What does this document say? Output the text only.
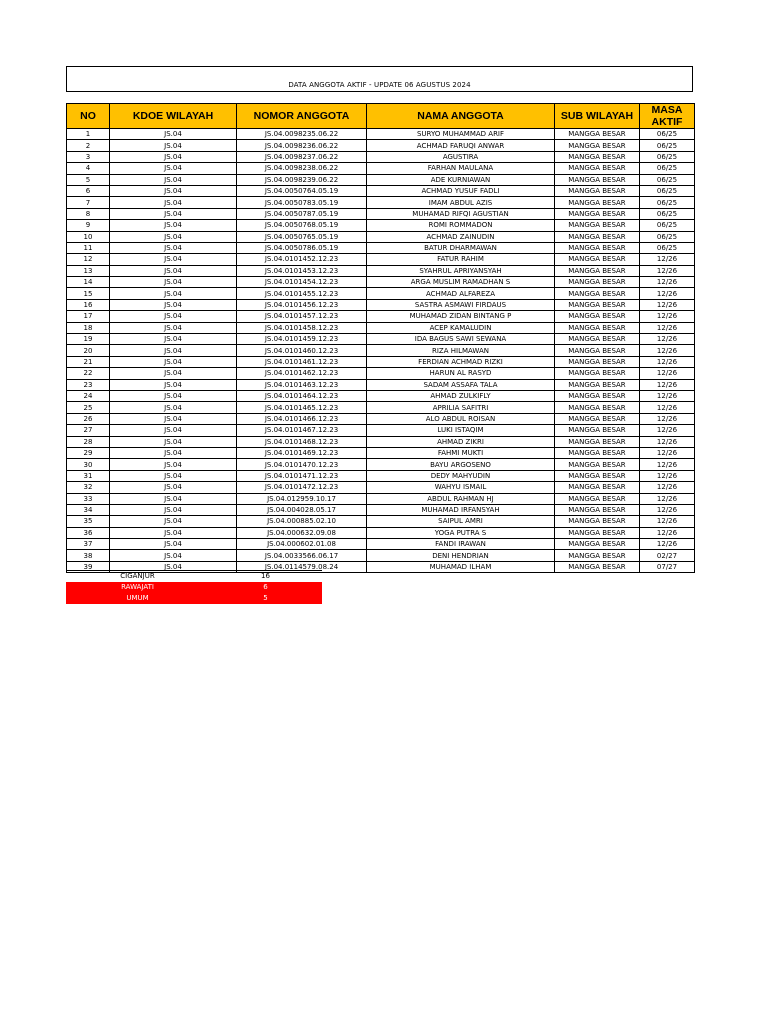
DATA ANGGOTA AKTIF - UPDATE 06 AGUSTUS 2024
NO	KDOE WILAYAH	NOMOR ANGGOTA	NAMA ANGGOTA	SUB WILAYAH	MASA AKTIF
1	JS.04	JS.04.0098235.06.22	SURYO MUHAMMAD ARIF	MANGGA BESAR	06/25
2	JS.04	JS.04.0098236.06.22	ACHMAD FARUQI ANWAR	MANGGA BESAR	06/25
3	JS.04	JS.04.0098237.06.22	AGUSTIRA	MANGGA BESAR	06/25
4	JS.04	JS.04.0098238.06.22	FARHAN MAULANA	MANGGA BESAR	06/25
5	JS.04	JS.04.0098239.06.22	ADE KURNIAWAN	MANGGA BESAR	06/25
6	JS.04	JS.04.0050764.05.19	ACHMAD YUSUF FADLI	MANGGA BESAR	06/25
7	JS.04	JS.04.0050783.05.19	IMAM ABDUL AZIS	MANGGA BESAR	06/25
8	JS.04	JS.04.0050787.05.19	MUHAMAD RIFQI AGUSTIAN	MANGGA BESAR	06/25
9	JS.04	JS.04.0050768.05.19	ROMI ROMMADON	MANGGA BESAR	06/25
10	JS.04	JS.04.0050765.05.19	ACHMAD ZAINUDIN	MANGGA BESAR	06/25
11	JS.04	JS.04.0050786.05.19	BATUR DHARMAWAN	MANGGA BESAR	06/25
12	JS.04	JS.04.0101452.12.23	FATUR RAHIM	MANGGA BESAR	12/26
13	JS.04	JS.04.0101453.12.23	SYAHRUL APRIYANSYAH	MANGGA BESAR	12/26
14	JS.04	JS.04.0101454.12.23	ARGA MUSLIM RAMADHAN S	MANGGA BESAR	12/26
15	JS.04	JS.04.0101455.12.23	ACHMAD ALFAREZA	MANGGA BESAR	12/26
16	JS.04	JS.04.0101456.12.23	SASTRA ASMAWI FIRDAUS	MANGGA BESAR	12/26
17	JS.04	JS.04.0101457.12.23	MUHAMAD ZIDAN BINTANG P	MANGGA BESAR	12/26
18	JS.04	JS.04.0101458.12.23	ACEP KAMALUDIN	MANGGA BESAR	12/26
19	JS.04	JS.04.0101459.12.23	IDA BAGUS SAWI SEWANA	MANGGA BESAR	12/26
20	JS.04	JS.04.0101460.12.23	RIZA HILMAWAN	MANGGA BESAR	12/26
21	JS.04	JS.04.0101461.12.23	FERDIAN ACHMAD RIZKI	MANGGA BESAR	12/26
22	JS.04	JS.04.0101462.12.23	HARUN AL RASYD	MANGGA BESAR	12/26
23	JS.04	JS.04.0101463.12.23	SADAM ASSAFA TALA	MANGGA BESAR	12/26
24	JS.04	JS.04.0101464.12.23	AHMAD ZULKIFLY	MANGGA BESAR	12/26
25	JS.04	JS.04.0101465.12.23	APRILIA SAFITRI	MANGGA BESAR	12/26
26	JS.04	JS.04.0101466.12.23	ALO ABDUL ROISAN	MANGGA BESAR	12/26
27	JS.04	JS.04.0101467.12.23	LUKI ISTAQIM	MANGGA BESAR	12/26
28	JS.04	JS.04.0101468.12.23	AHMAD ZIKRI	MANGGA BESAR	12/26
29	JS.04	JS.04.0101469.12.23	FAHMI MUKTI	MANGGA BESAR	12/26
30	JS.04	JS.04.0101470.12.23	BAYU ARGOSENO	MANGGA BESAR	12/26
31	JS.04	JS.04.0101471.12.23	DEDY MAHYUDIN	MANGGA BESAR	12/26
32	JS.04	JS.04.0101472.12.23	WAHYU ISMAIL	MANGGA BESAR	12/26
33	JS.04	JS.04.012959.10.17	ABDUL RAHMAN HJ	MANGGA BESAR	12/26
34	JS.04	JS.04.004028.05.17	MUHAMAD IRFANSYAH	MANGGA BESAR	12/26
35	JS.04	JS.04.000885.02.10	SAIPUL AMRI	MANGGA BESAR	12/26
36	JS.04	JS.04.000632.09.08	YOGA PUTRA S	MANGGA BESAR	12/26
37	JS.04	JS.04.000602.01.08	FANDI IRAWAN	MANGGA BESAR	12/26
38	JS.04	JS.04.0033566.06.17	DENI HENDRIAN	MANGGA BESAR	02/27
39	JS.04	JS.04.0114579.08.24	MUHAMAD ILHAM	MANGGA BESAR	07/27
CIGANJUR	16
RAWAJATI	6
UMUM	5
